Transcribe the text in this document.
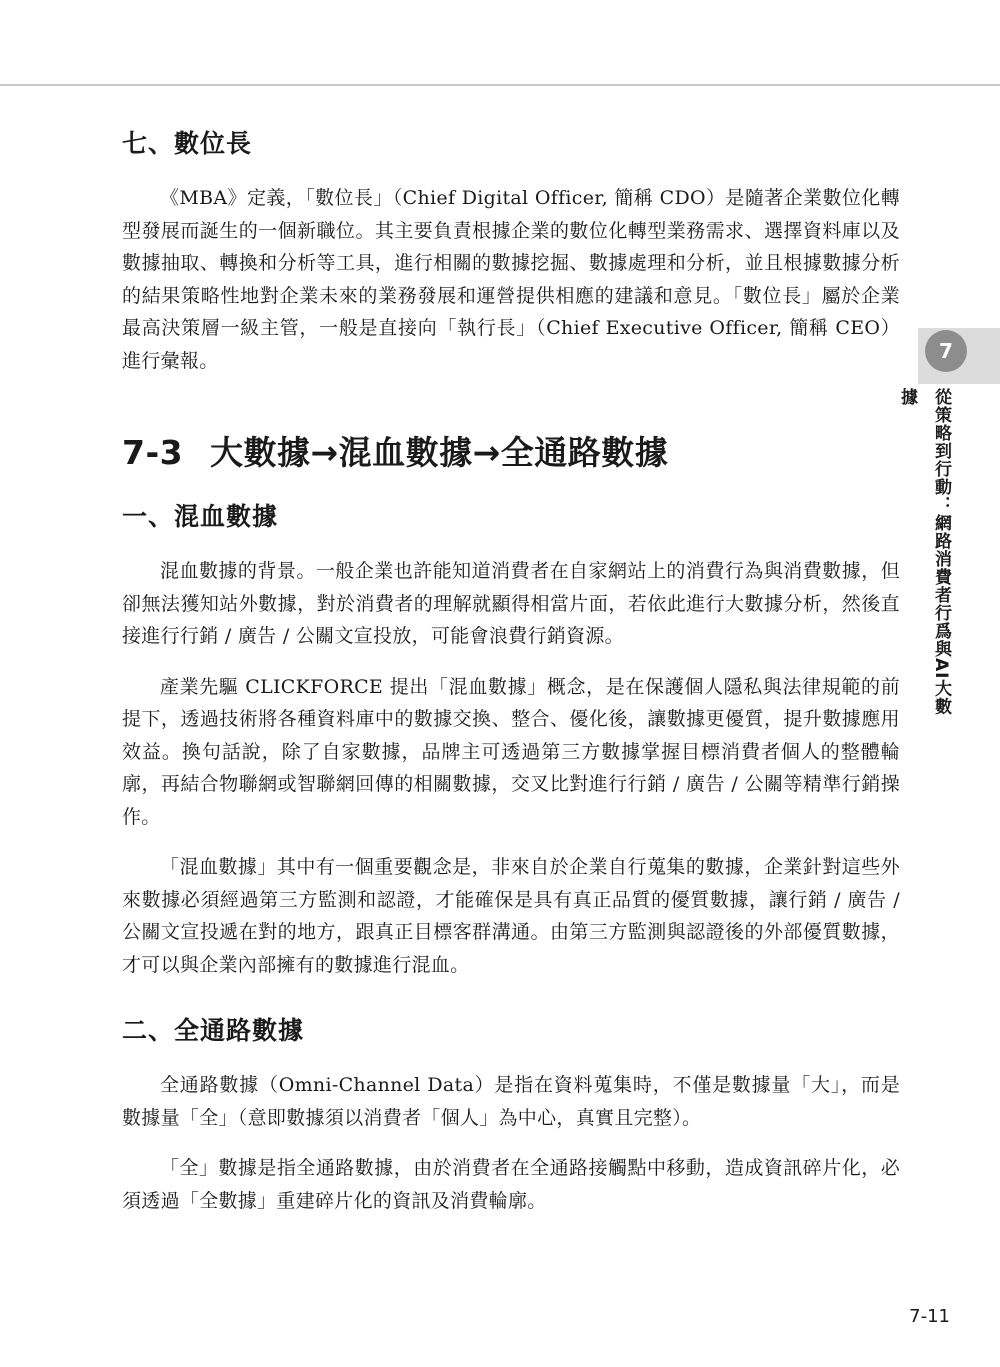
七、數位長

《MBA》定義，「數位長」（Chief Digital Officer, 簡稱 CDO）是隨著企業數位化轉型發展而誕生的一個新職位。其主要負責根據企業的數位化轉型業務需求、選擇資料庫以及數據抽取、轉換和分析等工具，進行相關的數據挖掘、數據處理和分析，並且根據數據分析的結果策略性地對企業未來的業務發展和運營提供相應的建議和意見。「數位長」屬於企業最高決策層一級主管，一般是直接向「執行長」（Chief Executive Officer, 簡稱 CEO）進行彙報。

7-3 大數據→混血數據→全通路數據
一、混血數據

混血數據的背景。一般企業也許能知道消費者在自家網站上的消費行為與消費數據，但卻無法獲知站外數據，對於消費者的理解就顯得相當片面，若依此進行大數據分析，然後直接進行行銷 / 廣告 / 公關文宣投放，可能會浪費行銷資源。

產業先驅 CLICKFORCE 提出「混血數據」概念，是在保護個人隱私與法律規範的前提下，透過技術將各種資料庫中的數據交換、整合、優化後，讓數據更優質，提升數據應用效益。換句話說，除了自家數據，品牌主可透過第三方數據掌握目標消費者個人的整體輪廓，再結合物聯網或智聯網回傳的相關數據，交叉比對進行行銷 / 廣告 / 公關等精準行銷操作。

「混血數據」其中有一個重要觀念是，非來自於企業自行蒐集的數據，企業針對這些外來數據必須經過第三方監測和認證，才能確保是具有真正品質的優質數據，讓行銷 / 廣告 / 公關文宣投遞在對的地方，跟真正目標客群溝通。由第三方監測與認證後的外部優質數據，才可以與企業內部擁有的數據進行混血。

二、全通路數據

全通路數據（Omni-Channel Data）是指在資料蒐集時，不僅是數據量「大」，而是數據量「全」（意即數據須以消費者「個人」為中心，真實且完整）。

「全」數據是指全通路數據，由於消費者在全通路接觸點中移動，造成資訊碎片化，必須透過「全數據」重建碎片化的資訊及消費輪廓。

7
從策略到行動：網路消費者行爲與AI大數據
7-11
